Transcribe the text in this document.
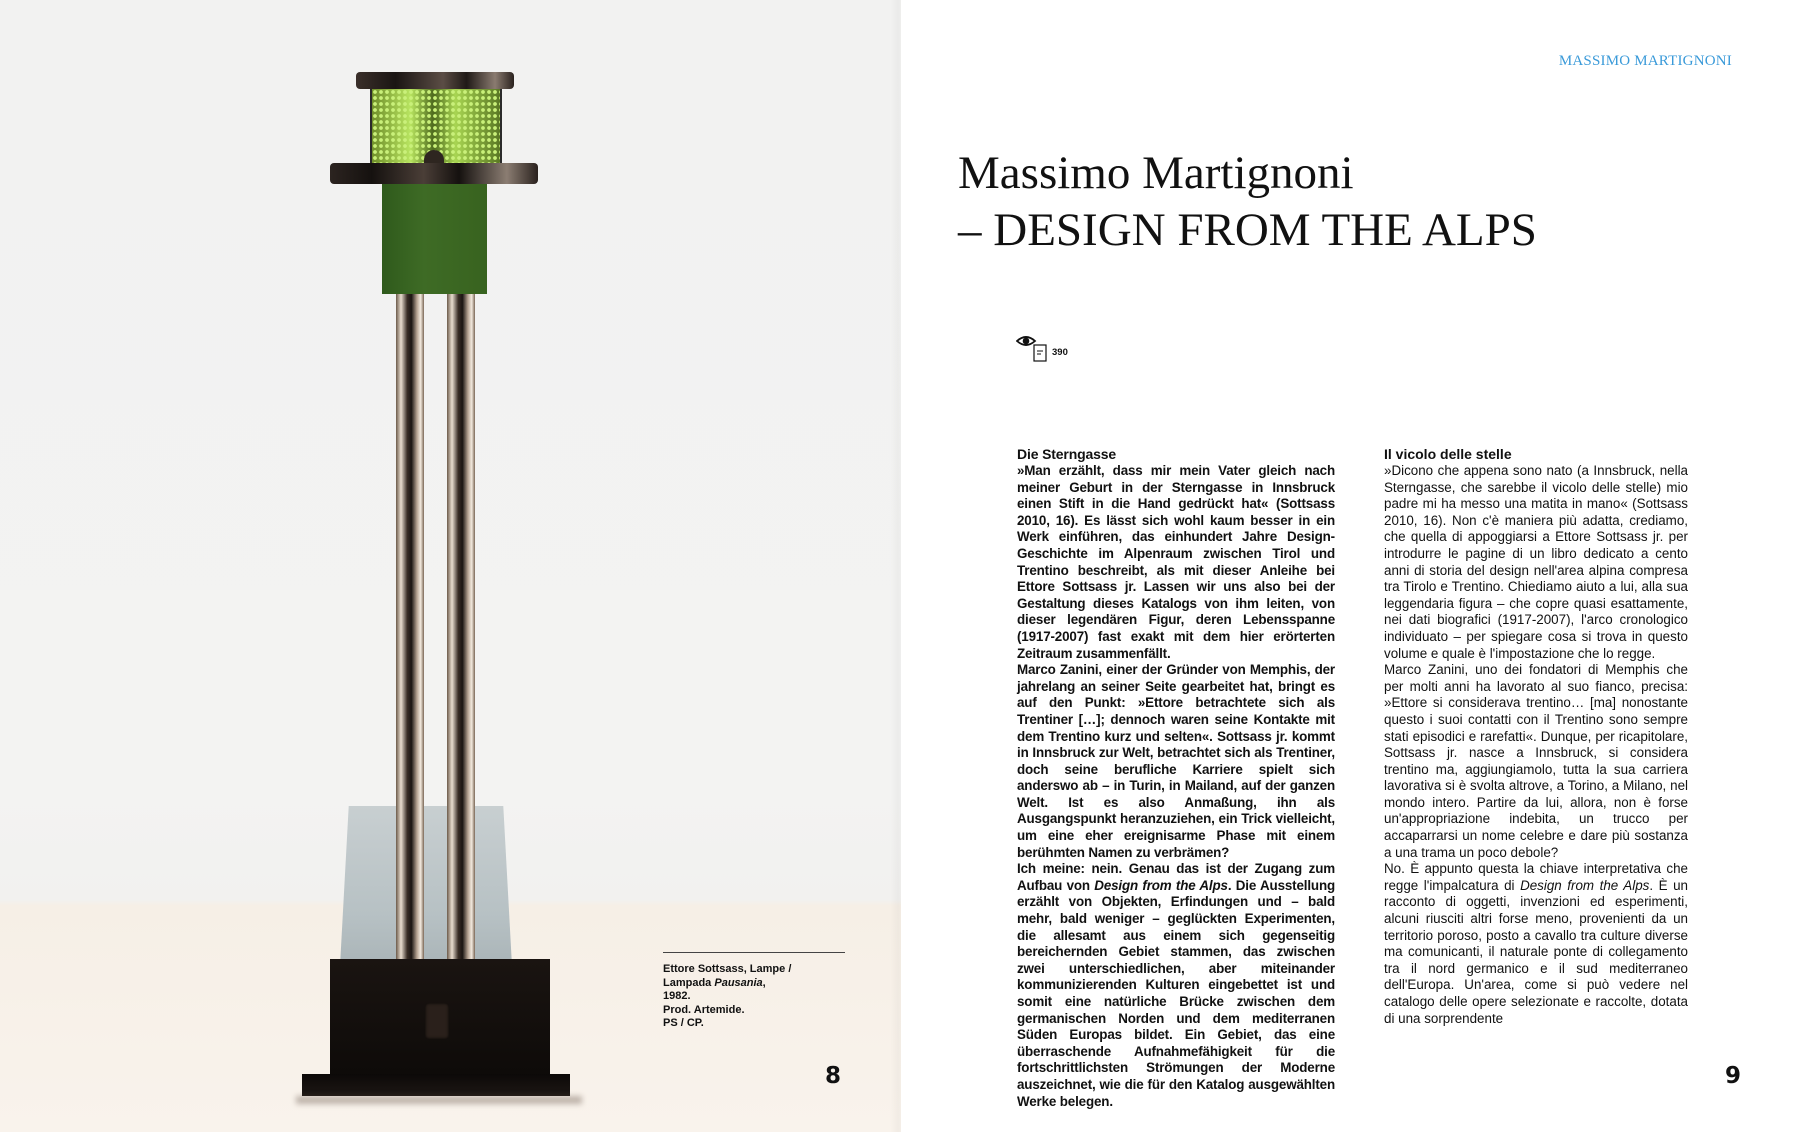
Ettore Sottsass, Lampe /
Lampada Pausania,
1982.
Prod. Artemide.
PS / CP.
8
MASSIMO MARTIGNONI
Massimo Martignoni
– DESIGN FROM THE ALPS
390
Die Sterngasse

»Man erzählt, dass mir mein Vater gleich nach meiner Geburt in der Sterngasse in Innsbruck einen Stift in die Hand gedrückt hat« (Sottsass 2010, 16). Es lässt sich wohl kaum besser in ein Werk einführen, das einhundert Jahre Design-Geschichte im Alpenraum zwischen Tirol und Trentino beschreibt, als mit dieser Anleihe bei Ettore Sottsass jr. Lassen wir uns also bei der Gestaltung dieses Katalogs von ihm leiten, von dieser legendären Figur, deren Lebensspanne (1917-2007) fast exakt mit dem hier erörterten Zeitraum zusammenfällt.

Marco Zanini, einer der Gründer von Memphis, der jahrelang an seiner Seite gearbeitet hat, bringt es auf den Punkt: »Ettore betrachtete sich als Trentiner […]; dennoch waren seine Kontakte mit dem Trentino kurz und selten«. Sottsass jr. kommt in Innsbruck zur Welt, betrachtet sich als Trentiner, doch seine berufliche Karriere spielt sich anderswo ab – in Turin, in Mailand, auf der ganzen Welt. Ist es also Anmaßung, ihn als Ausgangspunkt heranzuziehen, ein Trick vielleicht, um eine eher ereignisarme Phase mit einem berühmten Namen zu verbrämen?

Ich meine: nein. Genau das ist der Zugang zum Aufbau von Design from the Alps. Die Ausstellung erzählt von Objekten, Erfindungen und – bald mehr, bald weniger – geglückten Experimenten, die allesamt aus einem sich gegenseitig bereichernden Gebiet stammen, das zwischen zwei unterschiedlichen, aber miteinander kommunizierenden Kulturen eingebettet ist und somit eine natürliche Brücke zwischen dem germanischen Norden und dem mediterranen Süden Europas bildet. Ein Gebiet, das eine überraschende Aufnahmefähigkeit für die fortschrittlichsten Strömungen der Moderne auszeichnet, wie die für den Katalog ausgewählten Werke belegen.

Il vicolo delle stelle

»Dicono che appena sono nato (a Innsbruck, nella Sterngasse, che sarebbe il vicolo delle stelle) mio padre mi ha messo una matita in mano« (Sottsass 2010, 16). Non c'è maniera più adatta, crediamo, che quella di appoggiarsi a Ettore Sottsass jr. per introdurre le pagine di un libro dedicato a cento anni di storia del design nell'area alpina compresa tra Tirolo e Trentino. Chiediamo aiuto a lui, alla sua leggendaria figura – che copre quasi esattamente, nei dati biografici (1917-2007), l'arco cronologico individuato – per spiegare cosa si trova in questo volume e quale è l'impostazione che lo regge.

Marco Zanini, uno dei fondatori di Memphis che per molti anni ha lavorato al suo fianco, precisa: »Ettore si considerava trentino… [ma] nonostante questo i suoi contatti con il Trentino sono sempre stati episodici e rarefatti«. Dunque, per ricapitolare, Sottsass jr. nasce a Innsbruck, si considera trentino ma, aggiungiamolo, tutta la sua carriera lavorativa si è svolta altrove, a Torino, a Milano, nel mondo intero. Partire da lui, allora, non è forse un'appropriazione indebita, un trucco per accaparrarsi un nome celebre e dare più sostanza a una trama un poco debole?

No. È appunto questa la chiave interpretativa che regge l'impalcatura di Design from the Alps. È un racconto di oggetti, invenzioni ed esperimenti, alcuni riusciti altri forse meno, provenienti da un territorio poroso, posto a cavallo tra culture diverse ma comunicanti, il naturale ponte di collegamento tra il nord germanico e il sud mediterraneo dell'Europa. Un'area, come si può vedere nel catalogo delle opere selezionate e raccolte, dotata di una sorprendente

9
